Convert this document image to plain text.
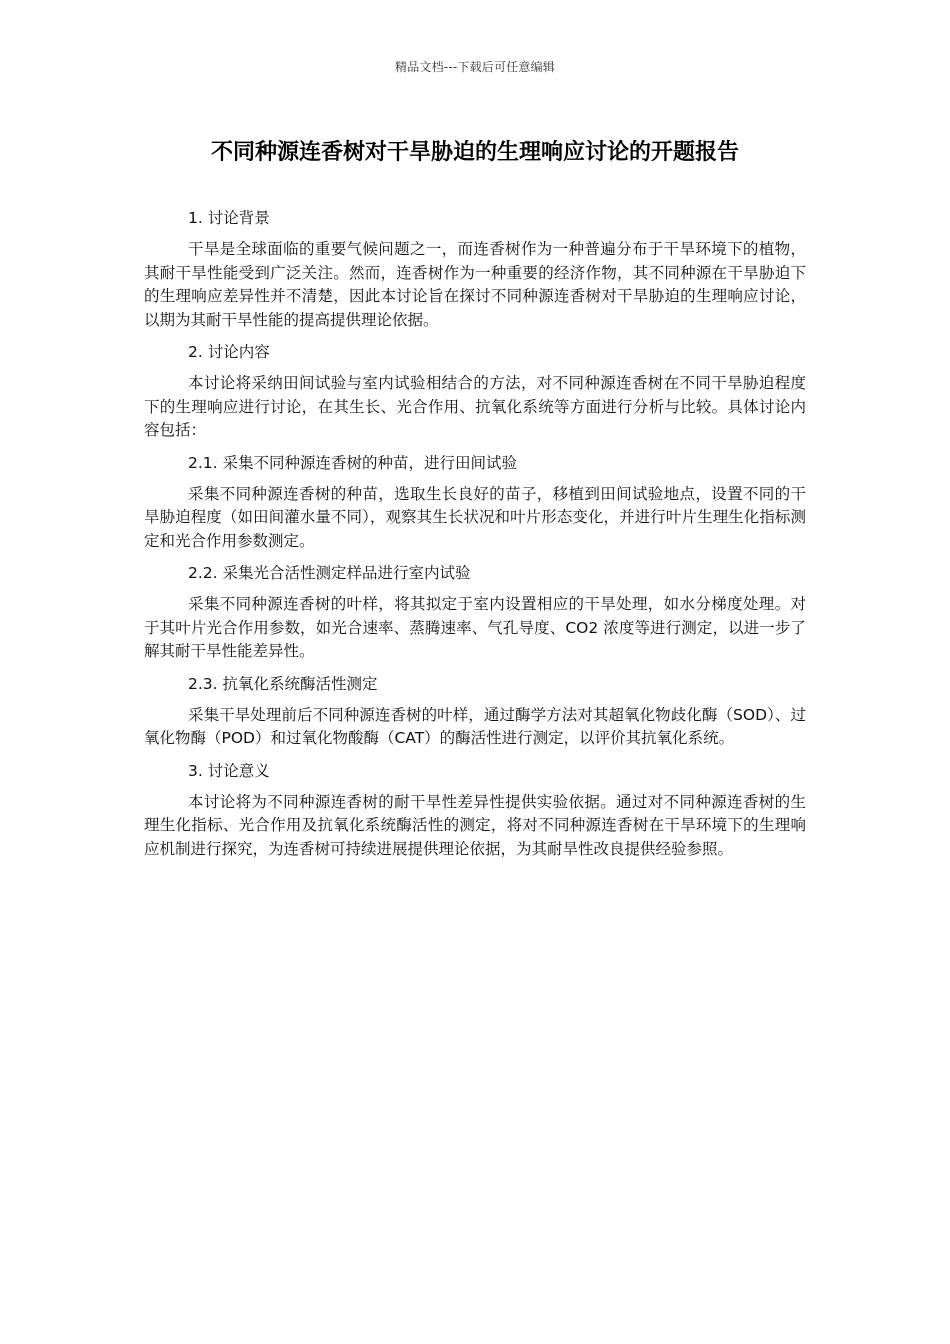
精品文档---下载后可任意编辑
不同种源连香树对干旱胁迫的生理响应讨论的开题报告

1. 讨论背景

干旱是全球面临的重要气候问题之一，而连香树作为一种普遍分布于干旱环境下的植物，其耐干旱性能受到广泛关注。然而，连香树作为一种重要的经济作物，其不同种源在干旱胁迫下的生理响应差异性并不清楚，因此本讨论旨在探讨不同种源连香树对干旱胁迫的生理响应讨论，以期为其耐干旱性能的提高提供理论依据。

2. 讨论内容

本讨论将采纳田间试验与室内试验相结合的方法，对不同种源连香树在不同干旱胁迫程度下的生理响应进行讨论，在其生长、光合作用、抗氧化系统等方面进行分析与比较。具体讨论内容包括：

2.1. 采集不同种源连香树的种苗，进行田间试验

采集不同种源连香树的种苗，选取生长良好的苗子，移植到田间试验地点，设置不同的干旱胁迫程度（如田间灌水量不同），观察其生长状况和叶片形态变化，并进行叶片生理生化指标测定和光合作用参数测定。

2.2. 采集光合活性测定样品进行室内试验

采集不同种源连香树的叶样，将其拟定于室内设置相应的干旱处理，如水分梯度处理。对于其叶片光合作用参数，如光合速率、蒸腾速率、气孔导度、CO2 浓度等进行测定，以进一步了解其耐干旱性能差异性。

2.3. 抗氧化系统酶活性测定

采集干旱处理前后不同种源连香树的叶样，通过酶学方法对其超氧化物歧化酶（SOD）、过氧化物酶（POD）和过氧化物酸酶（CAT）的酶活性进行测定，以评价其抗氧化系统。

3. 讨论意义

本讨论将为不同种源连香树的耐干旱性差异性提供实验依据。通过对不同种源连香树的生理生化指标、光合作用及抗氧化系统酶活性的测定，将对不同种源连香树在干旱环境下的生理响应机制进行探究，为连香树可持续进展提供理论依据，为其耐旱性改良提供经验参照。
